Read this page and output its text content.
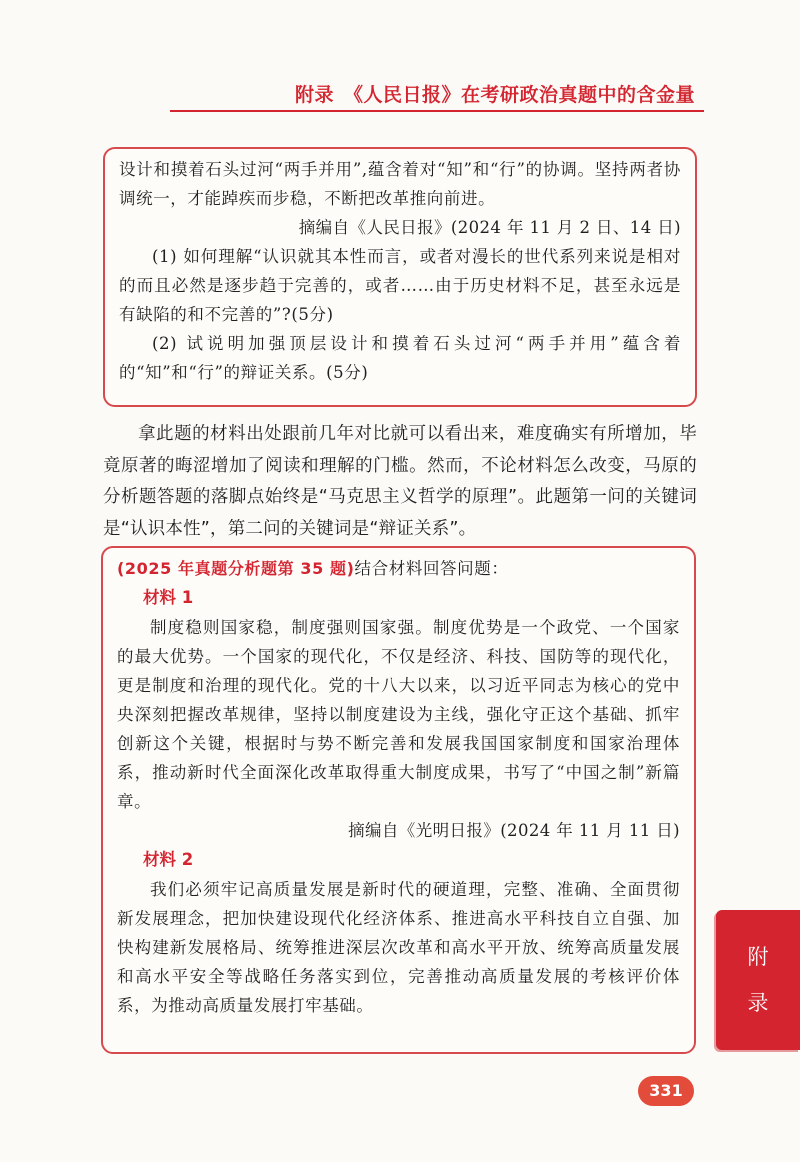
附录　《人民日报》在考研政治真题中的含金量

设计和摸着石头过河“两手并用”,蕴含着对“知”和“行”的协调。坚持两者协调统一，才能踔疾而步稳，不断把改革推向前进。

摘编自《人民日报》(2024 年 11 月 2 日、14 日)

(1) 如何理解“认识就其本性而言，或者对漫长的世代系列来说是相对的而且必然是逐步趋于完善的，或者……由于历史材料不足，甚至永远是有缺陷的和不完善的”?(5分)

(2) 试说明加强顶层设计和摸着石头过河“两手并用”蕴含着的“知”和“行”的辩证关系。(5分)

拿此题的材料出处跟前几年对比就可以看出来，难度确实有所增加，毕竟原著的晦涩增加了阅读和理解的门槛。然而，不论材料怎么改变，马原的分析题答题的落脚点始终是“马克思主义哲学的原理”。此题第一问的关键词是“认识本性”，第二问的关键词是“辩证关系”。

(2025 年真题分析题第 35 题)结合材料回答问题：

材料 1

制度稳则国家稳，制度强则国家强。制度优势是一个政党、一个国家的最大优势。一个国家的现代化，不仅是经济、科技、国防等的现代化，更是制度和治理的现代化。党的十八大以来，以习近平同志为核心的党中央深刻把握改革规律，坚持以制度建设为主线，强化守正这个基础、抓牢创新这个关键，根据时与势不断完善和发展我国国家制度和国家治理体系，推动新时代全面深化改革取得重大制度成果，书写了“中国之制”新篇章。

摘编自《光明日报》(2024 年 11 月 11 日)

材料 2

我们必须牢记高质量发展是新时代的硬道理，完整、准确、全面贯彻新发展理念，把加快建设现代化经济体系、推进高水平科技自立自强、加快构建新发展格局、统筹推进深层次改革和高水平开放、统筹高质量发展和高水平安全等战略任务落实到位，完善推动高质量发展的考核评价体系，为推动高质量发展打牢基础。

附
录
331
